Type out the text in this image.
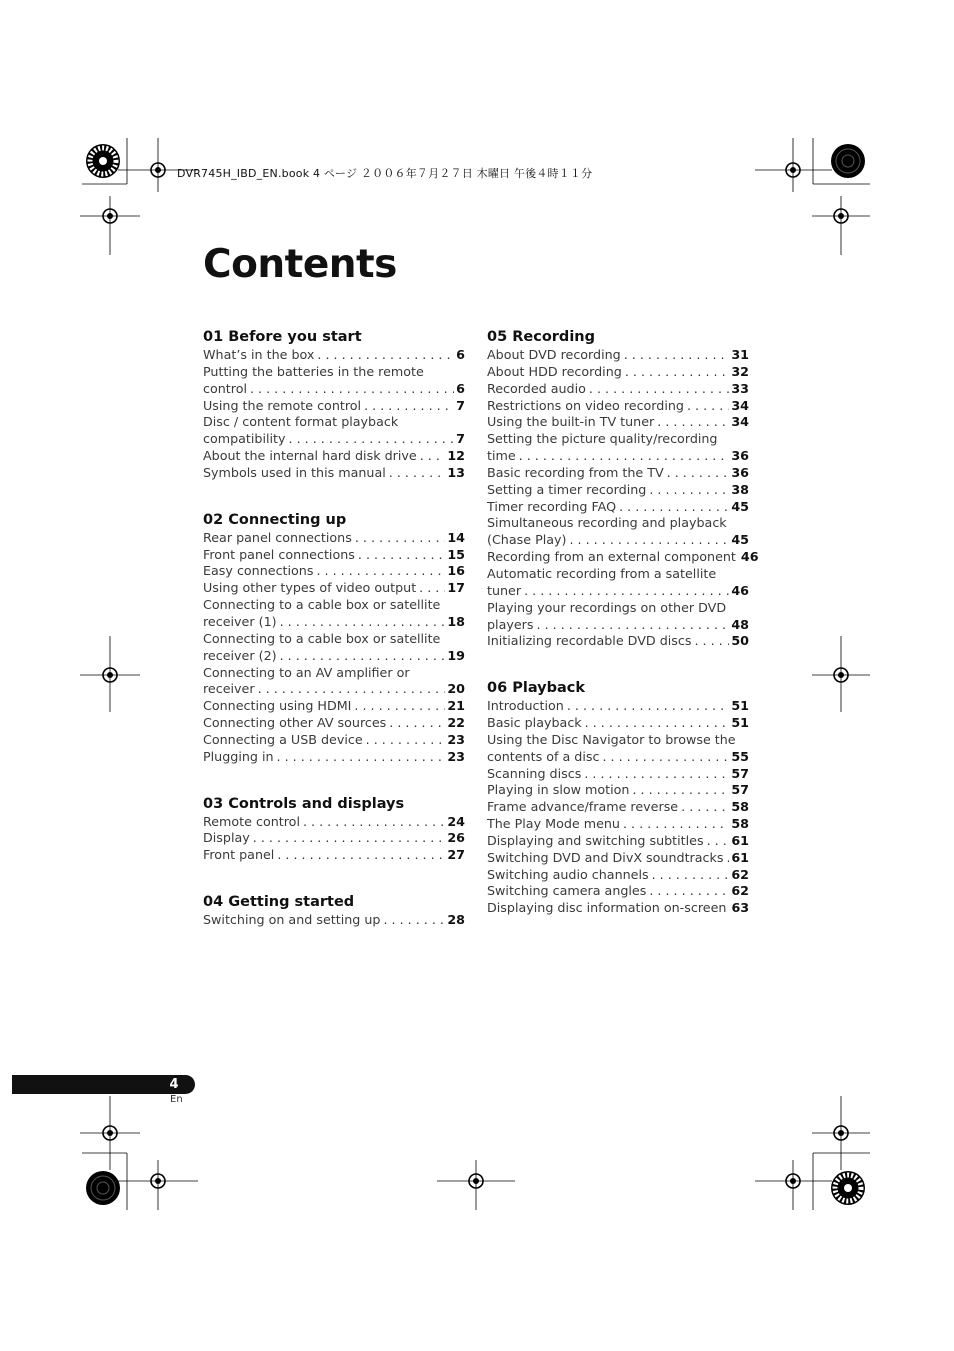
DVR745H_IBD_EN.book 4 ページ ２００６年７月２７日 木曜日 午後４時１１分
Contents
01 Before you start
What’s in the box . . .	6
Putting the batteries in the remote
control . . .	6
Using the remote control . . .	7
Disc / content format playback
compatibility . . .	7
About the internal hard disk drive . . . 12
Symbols used in this manual . . .	13
02 Connecting up
Rear panel connections . . .	14
Front panel connections . . .	15
Easy connections . . .	16
Using other types of video output . . . 17
Connecting to a cable box or satellite
receiver (1) . . .	18
Connecting to a cable box or satellite
receiver (2) . . .	19
Connecting to an AV amplifier or
receiver . . .	20
Connecting using HDMI . . .	21
Connecting other AV sources . . .	22
Connecting a USB device . . .	23
Plugging in . . .	23
03 Controls and displays
Remote control . . .	24
Display . . .	26
Front panel . . .	27
04 Getting started
Switching on and setting up . . .	28
05 Recording
About DVD recording . . .	31
About HDD recording . . .	32
Recorded audio . . .	33
Restrictions on video recording . . .	34
Using the built-in TV tuner . . .	34
Setting the picture quality/recording
time . . .	36
Basic recording from the TV . . .	36
Setting a timer recording . . .	38
Timer recording FAQ . . .	45
Simultaneous recording and playback
(Chase Play) . . .	45
Recording from an external component 46
Automatic recording from a satellite
tuner . . .	46
Playing your recordings on other DVD
players . . .	48
Initializing recordable DVD discs . . .	50
06 Playback
Introduction . . .	51
Basic playback . . .	51
Using the Disc Navigator to browse the
contents of a disc . . .	55
Scanning discs . . .	57
Playing in slow motion . . .	57
Frame advance/frame reverse . . .	58
The Play Mode menu . . .	58
Displaying and switching subtitles . . . 61
Switching DVD and DivX soundtracks . . . 61
Switching audio channels . . .	62
Switching camera angles . . .	62
Displaying disc information on-screen 63
4
En
